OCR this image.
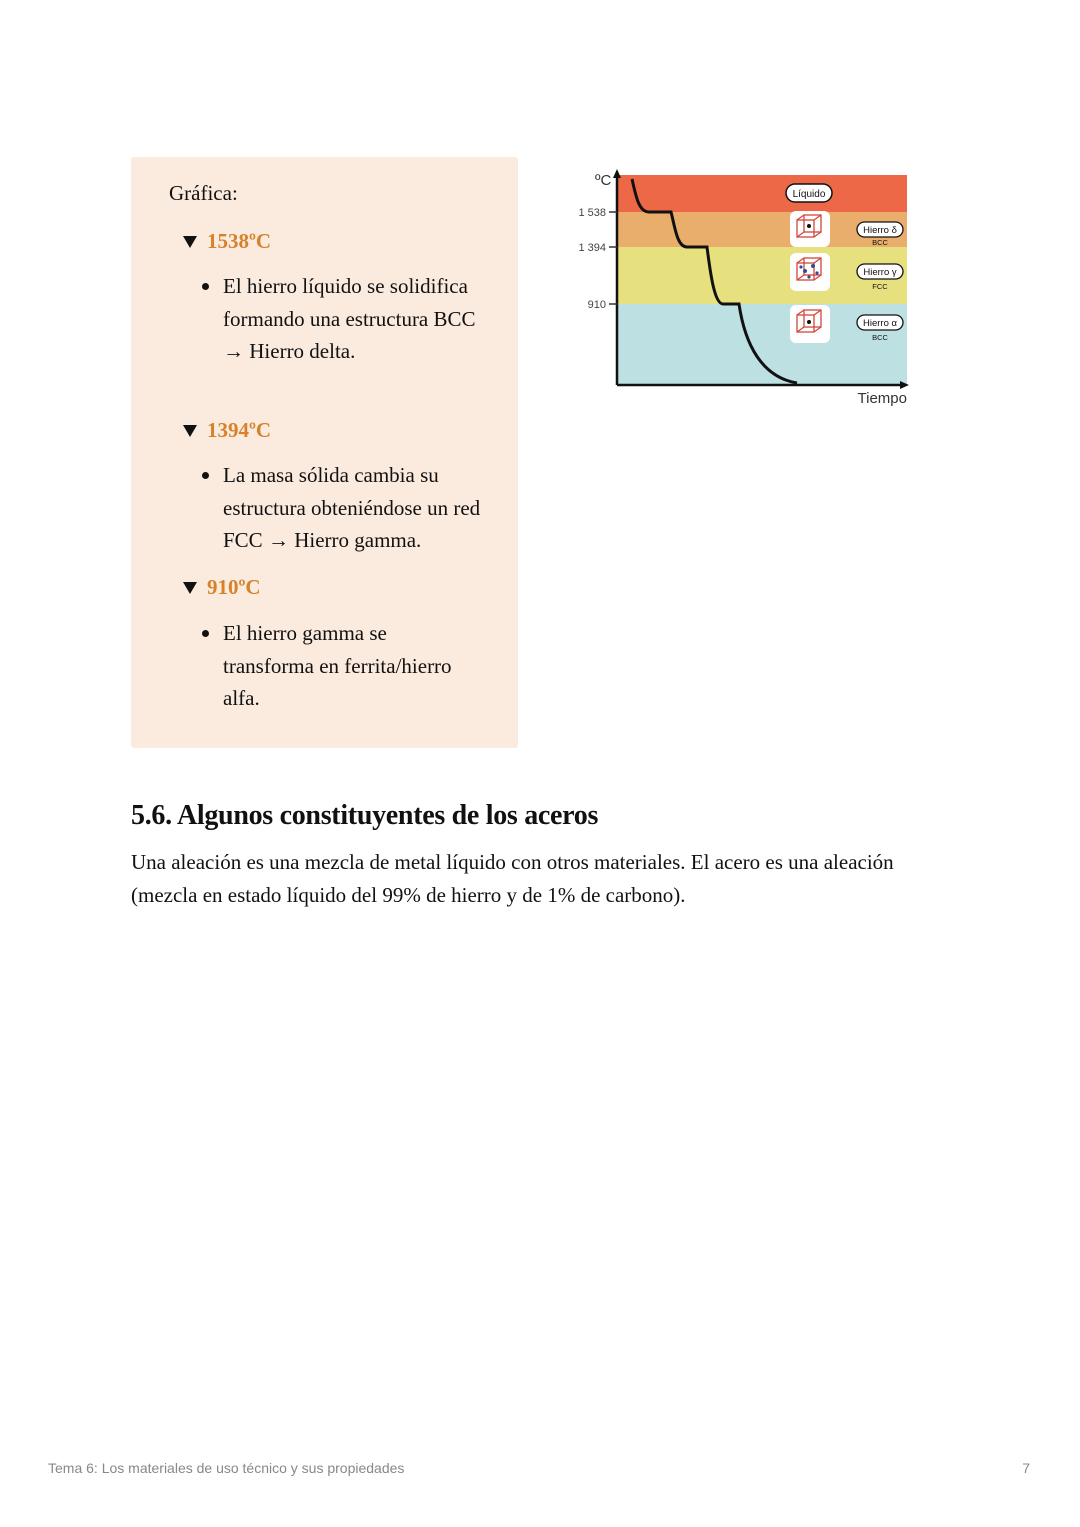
Gráfica:
1538ºC
El hierro líquido se solidifica formando una estructura BCC → Hierro delta.
1394ºC
La masa sólida cambia su estructura obteniéndose un red FCC → Hierro gamma.
910ºC
El hierro gamma se transforma en ferrita/hierro alfa.
ºC
1 538
1 394
910
Tiempo
Líquido
Hierro δ
BCC
Hierro γ
FCC
Hierro α
BCC
5.6. Algunos constituyentes de los aceros

Una aleación es una mezcla de metal líquido con otros materiales. El acero es una aleación (mezcla en estado líquido del 99% de hierro y de 1% de carbono).

Tema 6: Los materiales de uso técnico y sus propiedades	7
